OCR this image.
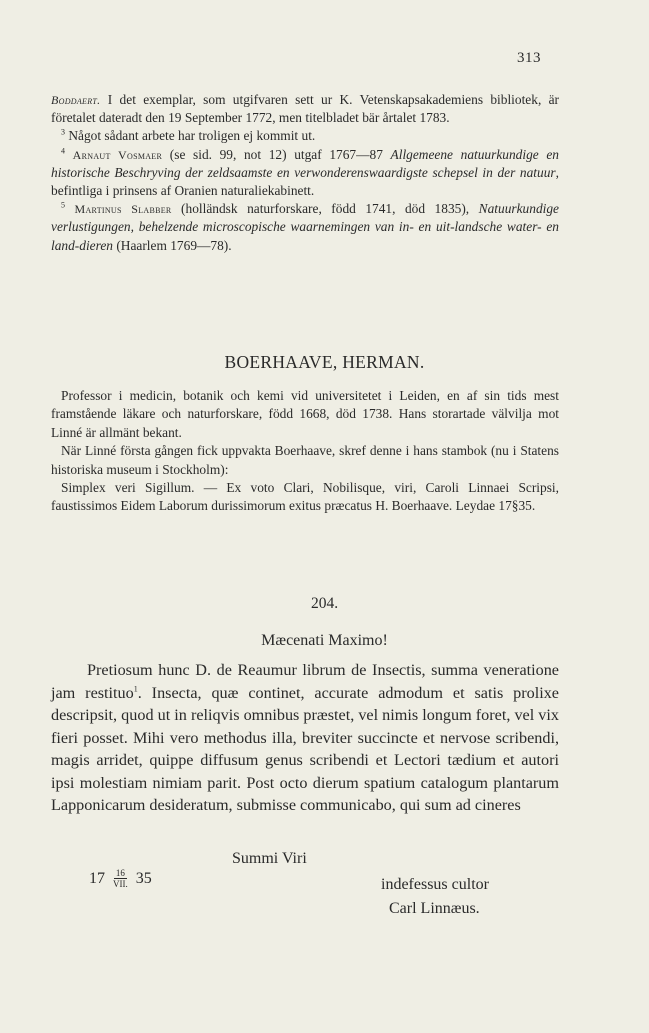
313

Boddaert. I det exemplar, som utgifvaren sett ur K. Vetenskapsakademiens bibliotek, är företalet dateradt den 19 September 1772, men titelbladet bär årtalet 1783.

$^3$ Något sådant arbete har troligen ej kommit ut.

$^4$ Arnaut Vosmaer (se sid. 99, not 12) utgaf 1767—87 Allgemeene natuurkundige en historische Beschryving der zeldsaamste en verwonderenswaardigste schepsel in der natuur, befintliga i prinsens af Oranien naturaliekabinett.

$^5$ Martinus Slabber (holländsk naturforskare, född 1741, död 1835), Natuurkundige verlustigungen, behelzende microscopische waarnemingen van in- en uit-landsche water- en land-dieren (Haarlem 1769—78).

BOERHAAVE, HERMAN.

Professor i medicin, botanik och kemi vid universitetet i Leiden, en af sin tids mest framstående läkare och naturforskare, född 1668, död 1738. Hans storartade välvilja mot Linné är allmänt bekant.

När Linné första gången fick uppvakta Boerhaave, skref denne i hans stambok (nu i Statens historiska museum i Stockholm):

Simplex veri Sigillum. — Ex voto Clari, Nobilisque, viri, Caroli Linnaei Scripsi, faustissimos Eidem Laborum durissimorum exitus præcatus H. Boerhaave. Leydae 17§35.

204.
Mæcenati Maximo!

Pretiosum hunc D. de Reaumur librum de Insectis, summa veneratione jam restituo$^1$. Insecta, quæ continet, accurate admodum et satis prolixe descripsit, quod ut in reliqvis omnibus præstet, vel nimis longum foret, vel vix fieri posset. Mihi vero methodus illa, breviter succincte et nervose scribendi, magis arridet, quippe diffusum genus scribendi et Lectori tædium et autori ipsi molestiam nimiam parit. Post octo dierum spatium catalogum plantarum Lapponicarum desideratum, submisse communicabo, qui sum ad cineres

Summi Viri
$17 \frac{16}{\text{VII.}} 35$	indefessus cultor
Carl Linnæus.
